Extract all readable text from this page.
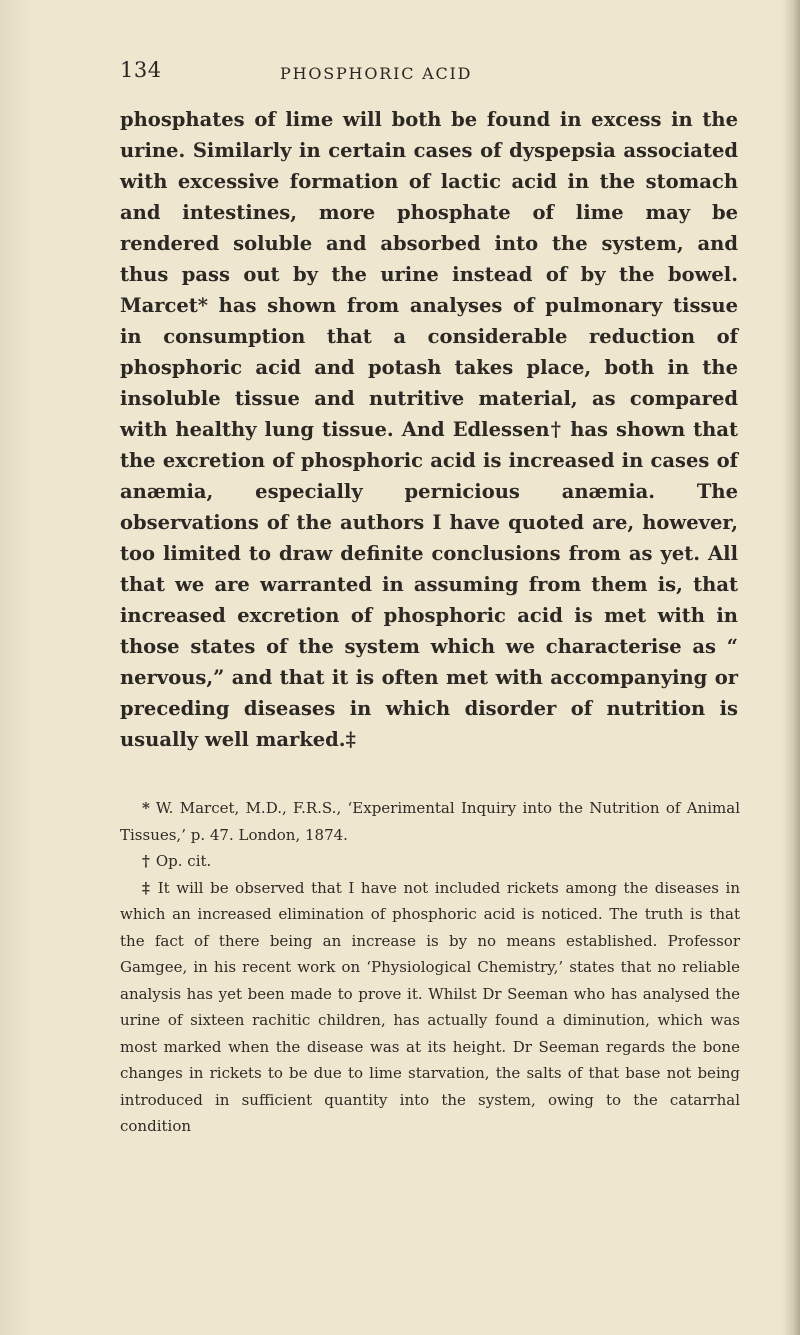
134	PHOSPHORIC ACID

phosphates of lime will both be found in excess in the urine. Similarly in certain cases of dyspepsia associated with excessive formation of lactic acid in the stomach and intestines, more phosphate of lime may be rendered soluble and absorbed into the system, and thus pass out by the urine instead of by the bowel. Marcet* has shown from analyses of pulmonary tissue in consumption that a considerable reduction of phosphoric acid and potash takes place, both in the insoluble tissue and nutritive material, as compared with healthy lung tissue. And Edlessen† has shown that the excretion of phosphoric acid is increased in cases of anæmia, especially pernicious anæmia. The observations of the authors I have quoted are, however, too limited to draw definite conclusions from as yet. All that we are warranted in assuming from them is, that increased excretion of phosphoric acid is met with in those states of the system which we characterise as “ nervous,” and that it is often met with accompanying or preceding diseases in which disorder of nutrition is usually well marked.‡

* W. Marcet, M.D., F.R.S., ‘Experimental Inquiry into the Nutrition of Animal Tissues,’ p. 47. London, 1874.

† Op. cit.

‡ It will be observed that I have not included rickets among the diseases in which an increased elimination of phosphoric acid is noticed. The truth is that the fact of there being an increase is by no means established. Professor Gamgee, in his recent work on ‘Physiological Chemistry,’ states that no reliable analysis has yet been made to prove it. Whilst Dr Seeman who has analysed the urine of sixteen rachitic children, has actually found a diminution, which was most marked when the disease was at its height. Dr Seeman regards the bone changes in rickets to be due to lime starvation, the salts of that base not being introduced in sufficient quantity into the system, owing to the catarrhal condition
